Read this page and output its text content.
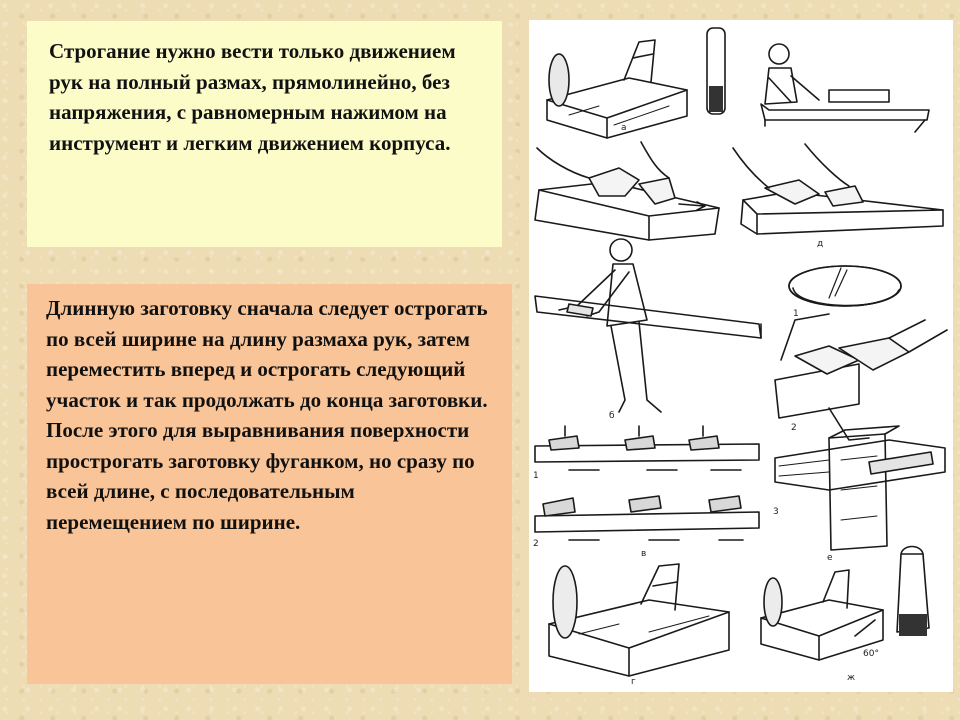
Строгание нужно вести только движением рук на полный размах, прямолинейно, без напряжения, с равномерным нажимом на инструмент и легким движением корпуса.

Длинную заготовку сначала следует острогать по всей ширине на длину размаха рук, затем переместить вперед и острогать следующий участок и так продолжать до конца заготовки. После этого для выравнивания поверхности прострогать заготовку фуганком, но сразу по всей длине, с последовательным перемещением по ширине.

а
д
б
1
2
1
2
в
3
е
г
60°
ж
